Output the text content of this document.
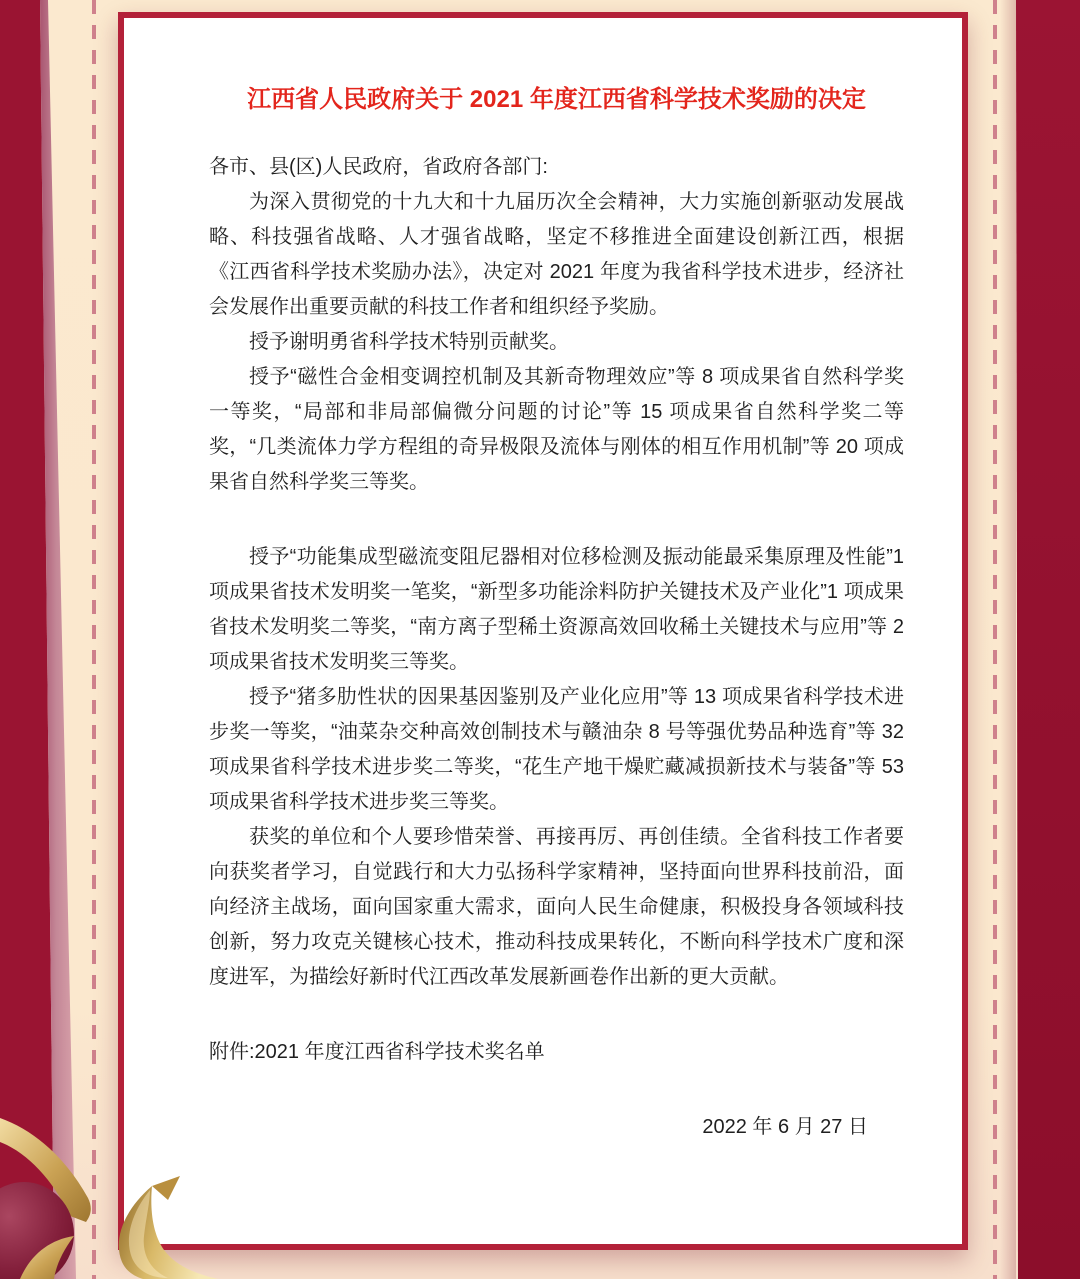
江西省人民政府关于 2021 年度江西省科学技术奖励的决定

各市、县(区)人民政府，省政府各部门:

为深入贯彻党的十九大和十九届历次全会精神，大力实施创新驱动发展战略、科技强省战略、人才强省战略，坚定不移推进全面建设创新江西，根据《江西省科学技术奖励办法》，决定对 2021 年度为我省科学技术进步，经济社会发展作出重要贡献的科技工作者和组织经予奖励。

授予谢明勇省科学技术特别贡献奖。

授予“磁性合金相变调控机制及其新奇物理效应”等 8 项成果省自然科学奖一等奖，“局部和非局部偏微分问题的讨论”等 15 项成果省自然科学奖二等奖，“几类流体力学方程组的奇异极限及流体与刚体的相互作用机制”等 20 项成果省自然科学奖三等奖。

授予“功能集成型磁流变阻尼器相对位移检测及振动能最采集原理及性能”1 项成果省技术发明奖一笔奖，“新型多功能涂料防护关键技术及产业化”1 项成果省技术发明奖二等奖，“南方离子型稀土资源高效回收稀土关键技术与应用”等 2 项成果省技术发明奖三等奖。

授予“猪多肋性状的因果基因鉴别及产业化应用”等 13 项成果省科学技术进步奖一等奖，“油菜杂交种高效创制技术与赣油杂 8 号等强优势品种选育”等 32 项成果省科学技术进步奖二等奖，“花生产地干燥贮藏减损新技术与装备”等 53 项成果省科学技术进步奖三等奖。

获奖的单位和个人要珍惜荣誉、再接再厉、再创佳绩。全省科技工作者要向获奖者学习，自觉践行和大力弘扬科学家精神，坚持面向世界科技前沿，面向经济主战场，面向国家重大需求，面向人民生命健康，积极投身各领域科技创新，努力攻克关键核心技术，推动科技成果转化，不断向科学技术广度和深度进军，为描绘好新时代江西改革发展新画卷作出新的更大贡献。

附件:2021 年度江西省科学技术奖名单

2022 年 6 月 27 日
